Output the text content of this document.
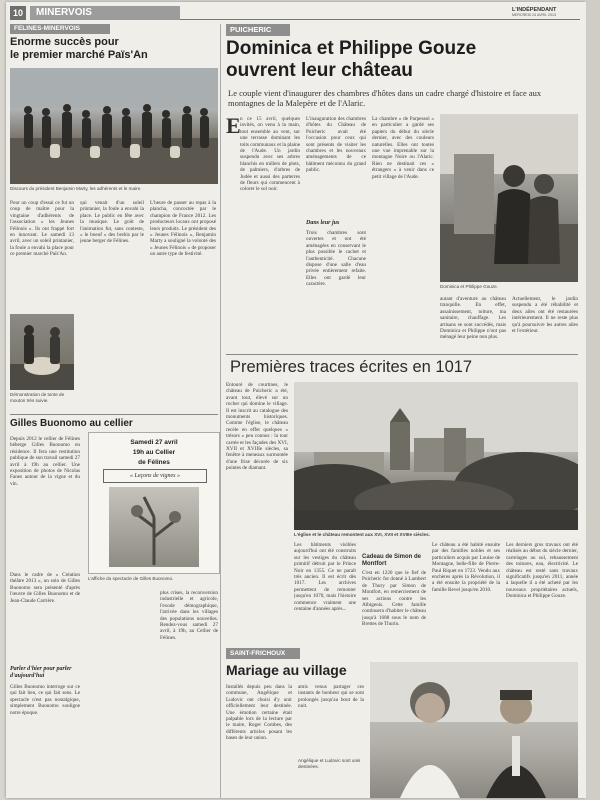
10	MINERVOIS	L'INDÉPENDANT
MERCREDI 24 AVRIL 2013
FELINES-MINERVOIS
Enorme succès pour
le premier marché Païs'An
Discours du président Benjamin Marty, les adhérents et le maire.
Pour un coup d'essai ce fut un coup de maître pour la vingtaine d'adhérents de l'association « les Jeunes Félinois ». Ils ont frappé fort en innovant. Le samedi 13 avril, avec un soleil printanier, la foule a envahi la place pour ce premier marché Païs'An.
qui venait d'un soleil printanier, la foule a envahi la place. Le public en fête avec la musique. Le goût de l'animation fut, sans conteste, « le boeuf » des brebis par le jeune berger de Félines.
L'heure de passer au repas à la plancha, concoctée par le champion de France 2012. Les producteurs locaux ont proposé leurs produits. Le président des « Jeunes Félinois », Benjamin Marty a souligné la volonté des « Jeunes Félinois » de proposer un autre type de festivité.
Démonstration de tonte de mouton très suivie.
Gilles Buonomo au cellier
Depuis 2012 le cellier de Félines héberge Gilles Buonomo en résidence. Il fera une restitution publique de son travail samedi 27 avril à 19h au cellier. Une exposition de photos de Nicolas Fanes autour de la vigne et du vin.
Samedi 27 avril
19h au Cellier
de Félines
« Leçons de vignes »
L'affiche du spectacle de Gilles Buonomo.
Dans le cadre de « Création théâtre 2013 », un solo de Gilles Buonomo sera présenté d'après l'œuvre de Gilles Buonomo et de Jean-Claude Carrière.
Parler d'hier pour parler d'aujourd'hui
Gilles Buonomo interroge sur ce qui fait lien, ce qui fait sens. Le spectacle n'est pas nostalgique, simplement Buonomo souligne notre époque.
plus crises, la reconversion industrielle et agricole, l'exode démographique, l'arrivée dans les villages des populations nouvelles. Rendez-vous samedi 27 avril, à 19h, au Cellier de Félines.
PUICHERIC
Dominica et Philippe Gouze
ouvrent leur château
Le couple vient d'inaugurer des chambres d'hôtes dans un cadre chargé d'histoire et face aux montagnes de la Malepère et de l'Alaric.
E n ce 15 avril, quelques invités, on venu à la main, tout ensemble au vent, sur une terrasse dominant les toits communaux et la plaine de l'Aude. Un jardin suspendu avec ses arbres blanchis en millers de plots, de palmiers, d'arbres de Judée et aussi des parterres de fleurs qui commencent à colorer le sol noir.
L'inauguration des chambres d'hôtes du Château de Puicheric avait été l'occasion pour ceux qui sont présents de visiter les chambres et les nouveaux aménagements de ce bâtiment méconnu du grand public.
Dans leur jus
Trois chambres sont ouvertes et ont été aménagées en conservant le plus possible le cachet et l'authenticité. Chacune dispose d'une salle d'eau privée entièrement refaite. Elles ont gardé leur caractère.
La chambre « de Parpessol » en particulier a gardé ses papiers du début du siècle dernier, avec des couleurs naturelles. Elles ont toutes une vue imprenable sur la montagne Noire ou l'Alaric. Rien ne destinait ces « étrangers » à venir dans ce petit village de l'Aude.
Dominica et Philippe Gouze.
autant d'aventure au château tranquille. En effet, assainissement, toiture, ma sanitaire, chauffage. Les artisans se sont succédés, mais Dominica et Philippe n'ont pas ménagé leur peine non plus.
Actuellement, le jardin suspendu a été réhabilité et deux ailes ont été restaurées intérieurement. Il ne reste plus qu'à poursuivre les autres ailes et l'extérieur.
Premières traces écrites en 1017
Entouré de courtines, le château de Puicheric a été, avant tout, élevé sur un rocher qui domine le village. Il est inscrit au catalogue des monuments historiques. Comme l'église, le château recèle en effet quelques « trésors » peu connus : la tour carrée et les façades des XVI, XVII et XVIIIe siècles, sa fenêtre à meneaux surmontée d'une frise décorée de six pointes de diamant.
L'église et le château remontent aux XVI, XVII et XVIIIe siècles.
Les bâtiments visibles aujourd'hui ont été construits sur les vestiges du château primitif détruit par le Prince Noir en 1355. Ce ne paraît très ancien. Il est écrit dès 1017. Les archives permettent de remonter jusqu'en 1070, mais l'histoire commence vraiment une centaine d'années après...
Cadeau de Simon de Montfort
C'est en 1220 que le fief de Puicheric fut donné à Lambert de Thury par Simon de Montfort, en remerciement de ses actions contre les Albigeois. Cette famille continuera d'habiter le château jusqu'à 1688 sous le nom de Brettes de Thurin.
Le château a été habité ensuite par des familles nobles et ses particuliers acquis par Louise de Montagne, belle-fille de Pierre-Paul Riquet en 1723. Vendu aux enchères après la Révolution, il a été ensuite la propriété de la famille Revel jusqu'en 2010.
Les derniers gros travaux ont été réalisés au début du siècle dernier, carrelages au sol, rehaussement des toitures, eau, électricité. Le château est resté sans travaux significatifs jusqu'en 2011, année à laquelle il a été acheté par les nouveaux propriétaires actuels, Dominica et Philippe Gouze.
SAINT-FRICHOUX
Mariage au village
Installés depuis peu dans la commune, Angélique et Ludovic ont choisi d'y unir officiellement leur destinée. Une émotion certaine était palpable lors de la lecture par le maire, Roger Combes, des différents articles posant les bases de leur union.
amis venus partager ces instants de bonheur qui se sont prolongés jusqu'au bout de la nuit.
Angélique et Ludovic sont unis destinées.
